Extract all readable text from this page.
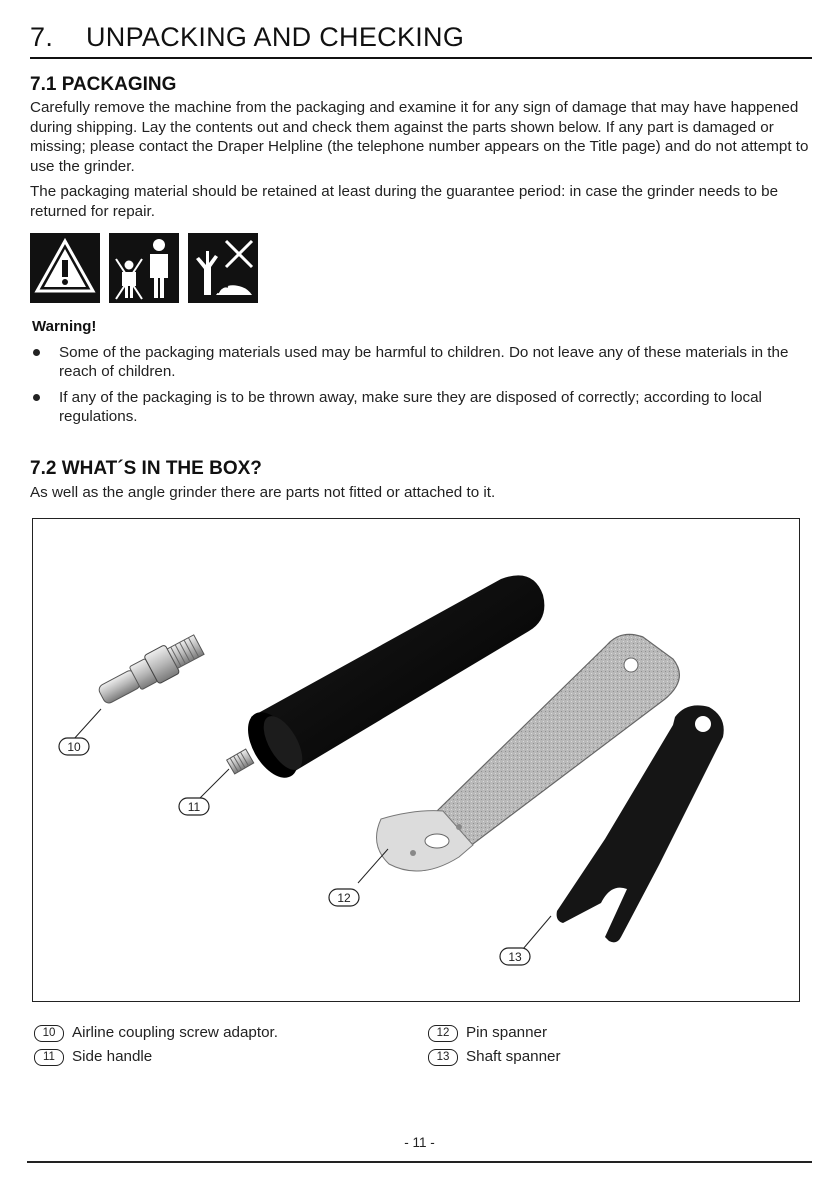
7. UNPACKING AND CHECKING
7.1 PACKAGING

Carefully remove the machine from the packaging and examine it for any sign of damage that may have happened during shipping. Lay the contents out and check them against the parts shown below. If any part is damaged or missing; please contact the Draper Helpline (the telephone number appears on the Title page) and do not attempt to use the grinder.

The packaging material should be retained at least during the guarantee period: in case the grinder needs to be returned for repair.

Warning!
Some of the packaging materials used may be harmful to children. Do not leave any of these materials in the reach of children.
If any of the packaging is to be thrown away, make sure they are disposed of correctly; according to local regulations.
7.2 WHAT´S IN THE BOX?

As well as the angle grinder there are parts not fitted or attached to it.

10
11
12
13
10 Airline coupling screw adaptor.
11 Side handle
12 Pin spanner
13 Shaft spanner
- 11 -
